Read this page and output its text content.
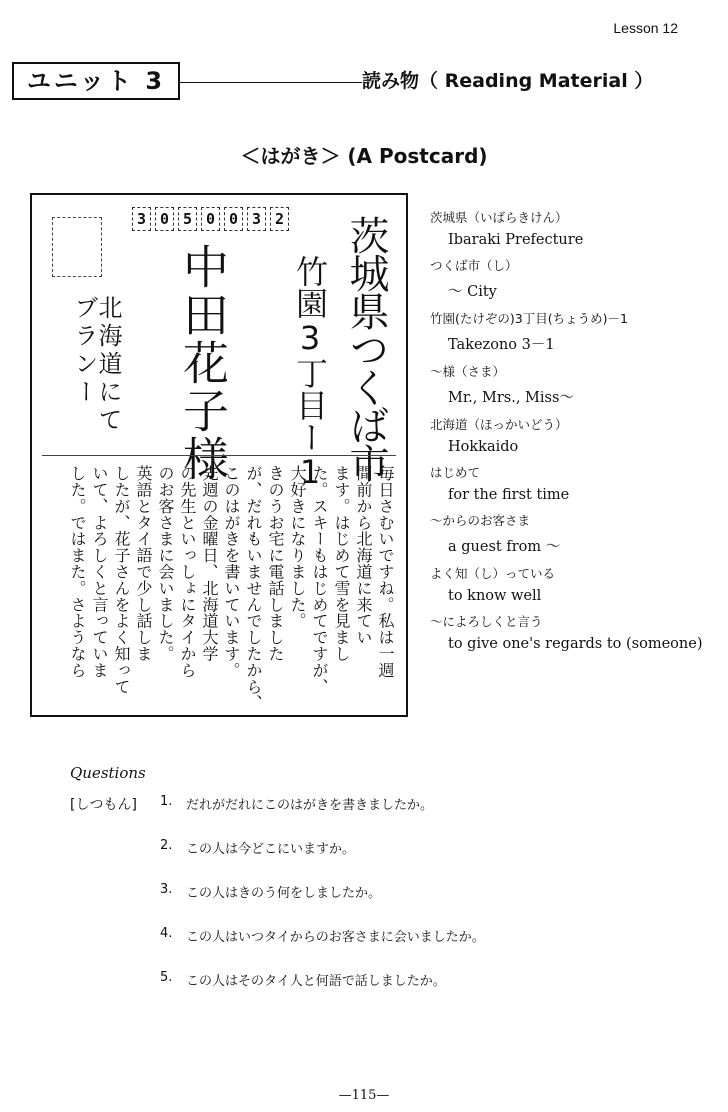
Lesson 12
ユニット 3	読み物（ Reading Material ）
＜はがき＞ (A Postcard)
3 0 5 0 0 3 2 茨城県つくば市
竹園3丁目ー1
中田花子様
北海道にて
ブランー

毎日さむいですね。私は一週

間前から北海道に来てい

ます。はじめて雪を見まし

た。スキーもはじめてですが、

大好きになりました。

きのうお宅に電話しました

が、だれもいませんでしたから、

このはがきを書いています。

先週の金曜日、北海道大学

の先生といっしょにタイから

のお客さまに会いました。

英語とタイ語で少し話しま

したが、花子さんをよく知って

いて、よろしくと言っていま

した。ではまた。さようなら

茨城県（いばらきけん）
Ibaraki Prefecture
つくば市（し）
～ City
竹園(たけぞの)3丁目(ちょうめ)－1
Takezono 3－1
～様（さま）
Mr., Mrs., Miss～
北海道（ほっかいどう）
Hokkaido
はじめて
for the first time
～からのお客さま
a guest from ～
よく知（し）っている
to know well
～によろしくと言う
to give one's regards to (someone)
Questions
[しつもん] 1. だれがだれにこのはがきを書きましたか。
2. この人は今どこにいますか。
3. この人はきのう何をしましたか。
4. この人はいつタイからのお客さまに会いましたか。
5. この人はそのタイ人と何語で話しましたか。
—115—
